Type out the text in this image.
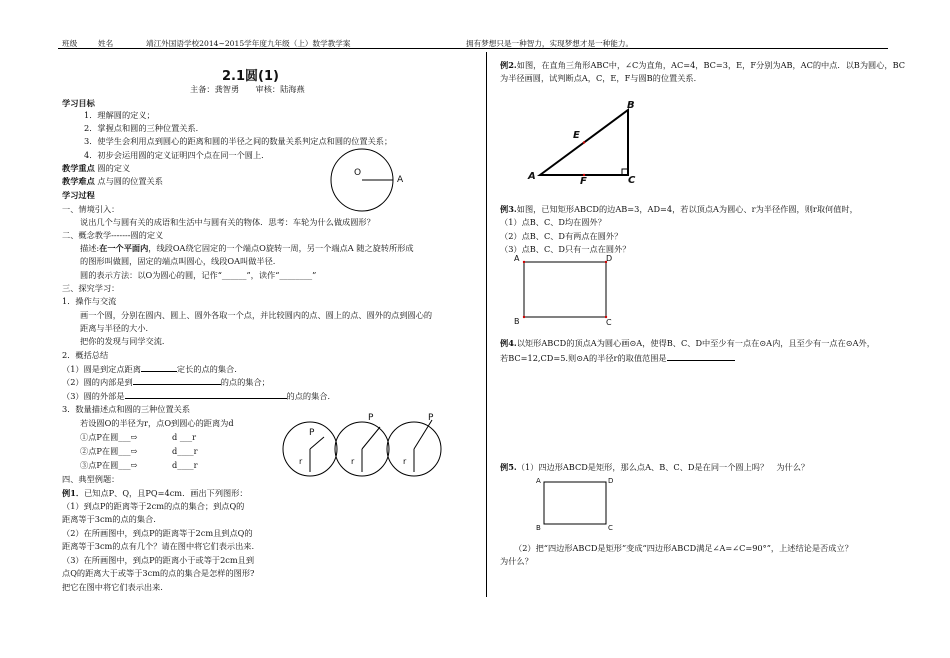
班级	姓名	靖江外国语学校2014~2015学年度九年级（上）数学教学案	拥有梦想只是一种智力，实现梦想才是一种能力。
2.1圆(1)
主备：龚智勇　　审核：陆海燕
学习目标
1．理解圆的定义；
2．掌握点和圆的三种位置关系．
3．使学生会利用点到圆心的距离和圆的半径之间的数量关系判定点和圆的位置关系；
4．初步会运用圆的定义证明四个点在同一个圆上．
教学重点 圆的定义
教学难点 点与圆的位置关系
学习过程
O
A
一、情境引入：
说出几个与圆有关的成语和生活中与圆有关的物体．思考：车轮为什么做成圆形？
二、概念教学-------圆的定义
描述:在一个平面内，线段OA绕它固定的一个端点O旋转一周，另一个端点A 随之旋转所形成
的图形叫做圆，固定的端点叫圆心，线段OA叫做半径.
圆的表示方法：以O为圆心的圆，记作“______”，读作“________”
三、探究学习：
1．操作与交流
画一个圆，分别在圆内、圆上、圆外各取一个点，并比较圆内的点、圆上的点、圆外的点到圆心的
距离与半径的大小．
把你的发现与同学交流．
2．概括总结
（1）圆是到定点距离	定长的点的集合.
（2）圆的内部是到	的点的集合；
（3）圆的外部是	的点的集合．
3．数量描述点和圆的三种位置关系
若设圆O的半径为r，点O到圆心的距离为d
①点P在圆___⇨	d ___r
②点P在圆___⇨	d____r
③点P在圆___⇨	d____r
P
r
P
r
P
r
四、典型例题：
例1．已知点P、Q，且PQ=4cm．画出下列图形：
（1）到点P的距离等于2cm的点的集合；到点Q的
距离等于3cm的点的集合.
（2）在所画图中，到点P的距离等于2cm且到点Q的
距离等于3cm的点有几个？请在图中将它们表示出来.
（3）在所画图中，到点P的距离小于或等于2cm且到
点Q的距离大于或等于3cm的点的集合是怎样的图形?
把它在图中将它们表示出来.
例2.如图，在直角三角形ABC中，∠C为直角，AC=4，BC=3，E，F分别为AB，AC的中点．以B为圆心，BC
为半径画圆，试判断点A，C，E，F与圆B的位置关系．
B
E
A	F	C
例3.如图，已知矩形ABCD的边AB=3，AD=4，若以顶点A为圆心、r为半径作圆，则r取何值时，
（1）点B、C、D均在圆外？
（2）点B、C、D有两点在圆外？
（3）点B、C、D只有一点在圆外？
A	D
B	C
例4.以矩形ABCD的顶点A为圆心画⊙A，使得B、C、D中至少有一点在⊙A内，且至少有一点在⊙A外，
若BC=12,CD=5.则⊙A的半径r的取值范围是
例5.（1）四边形ABCD是矩形，那么点A、B、C、D是在同一个圆上吗？　为什么？
A	D
B	C
（2）把“四边形ABCD是矩形”变成“四边形ABCD满足∠A=∠C=90°”，上述结论是否成立？
为什么？
